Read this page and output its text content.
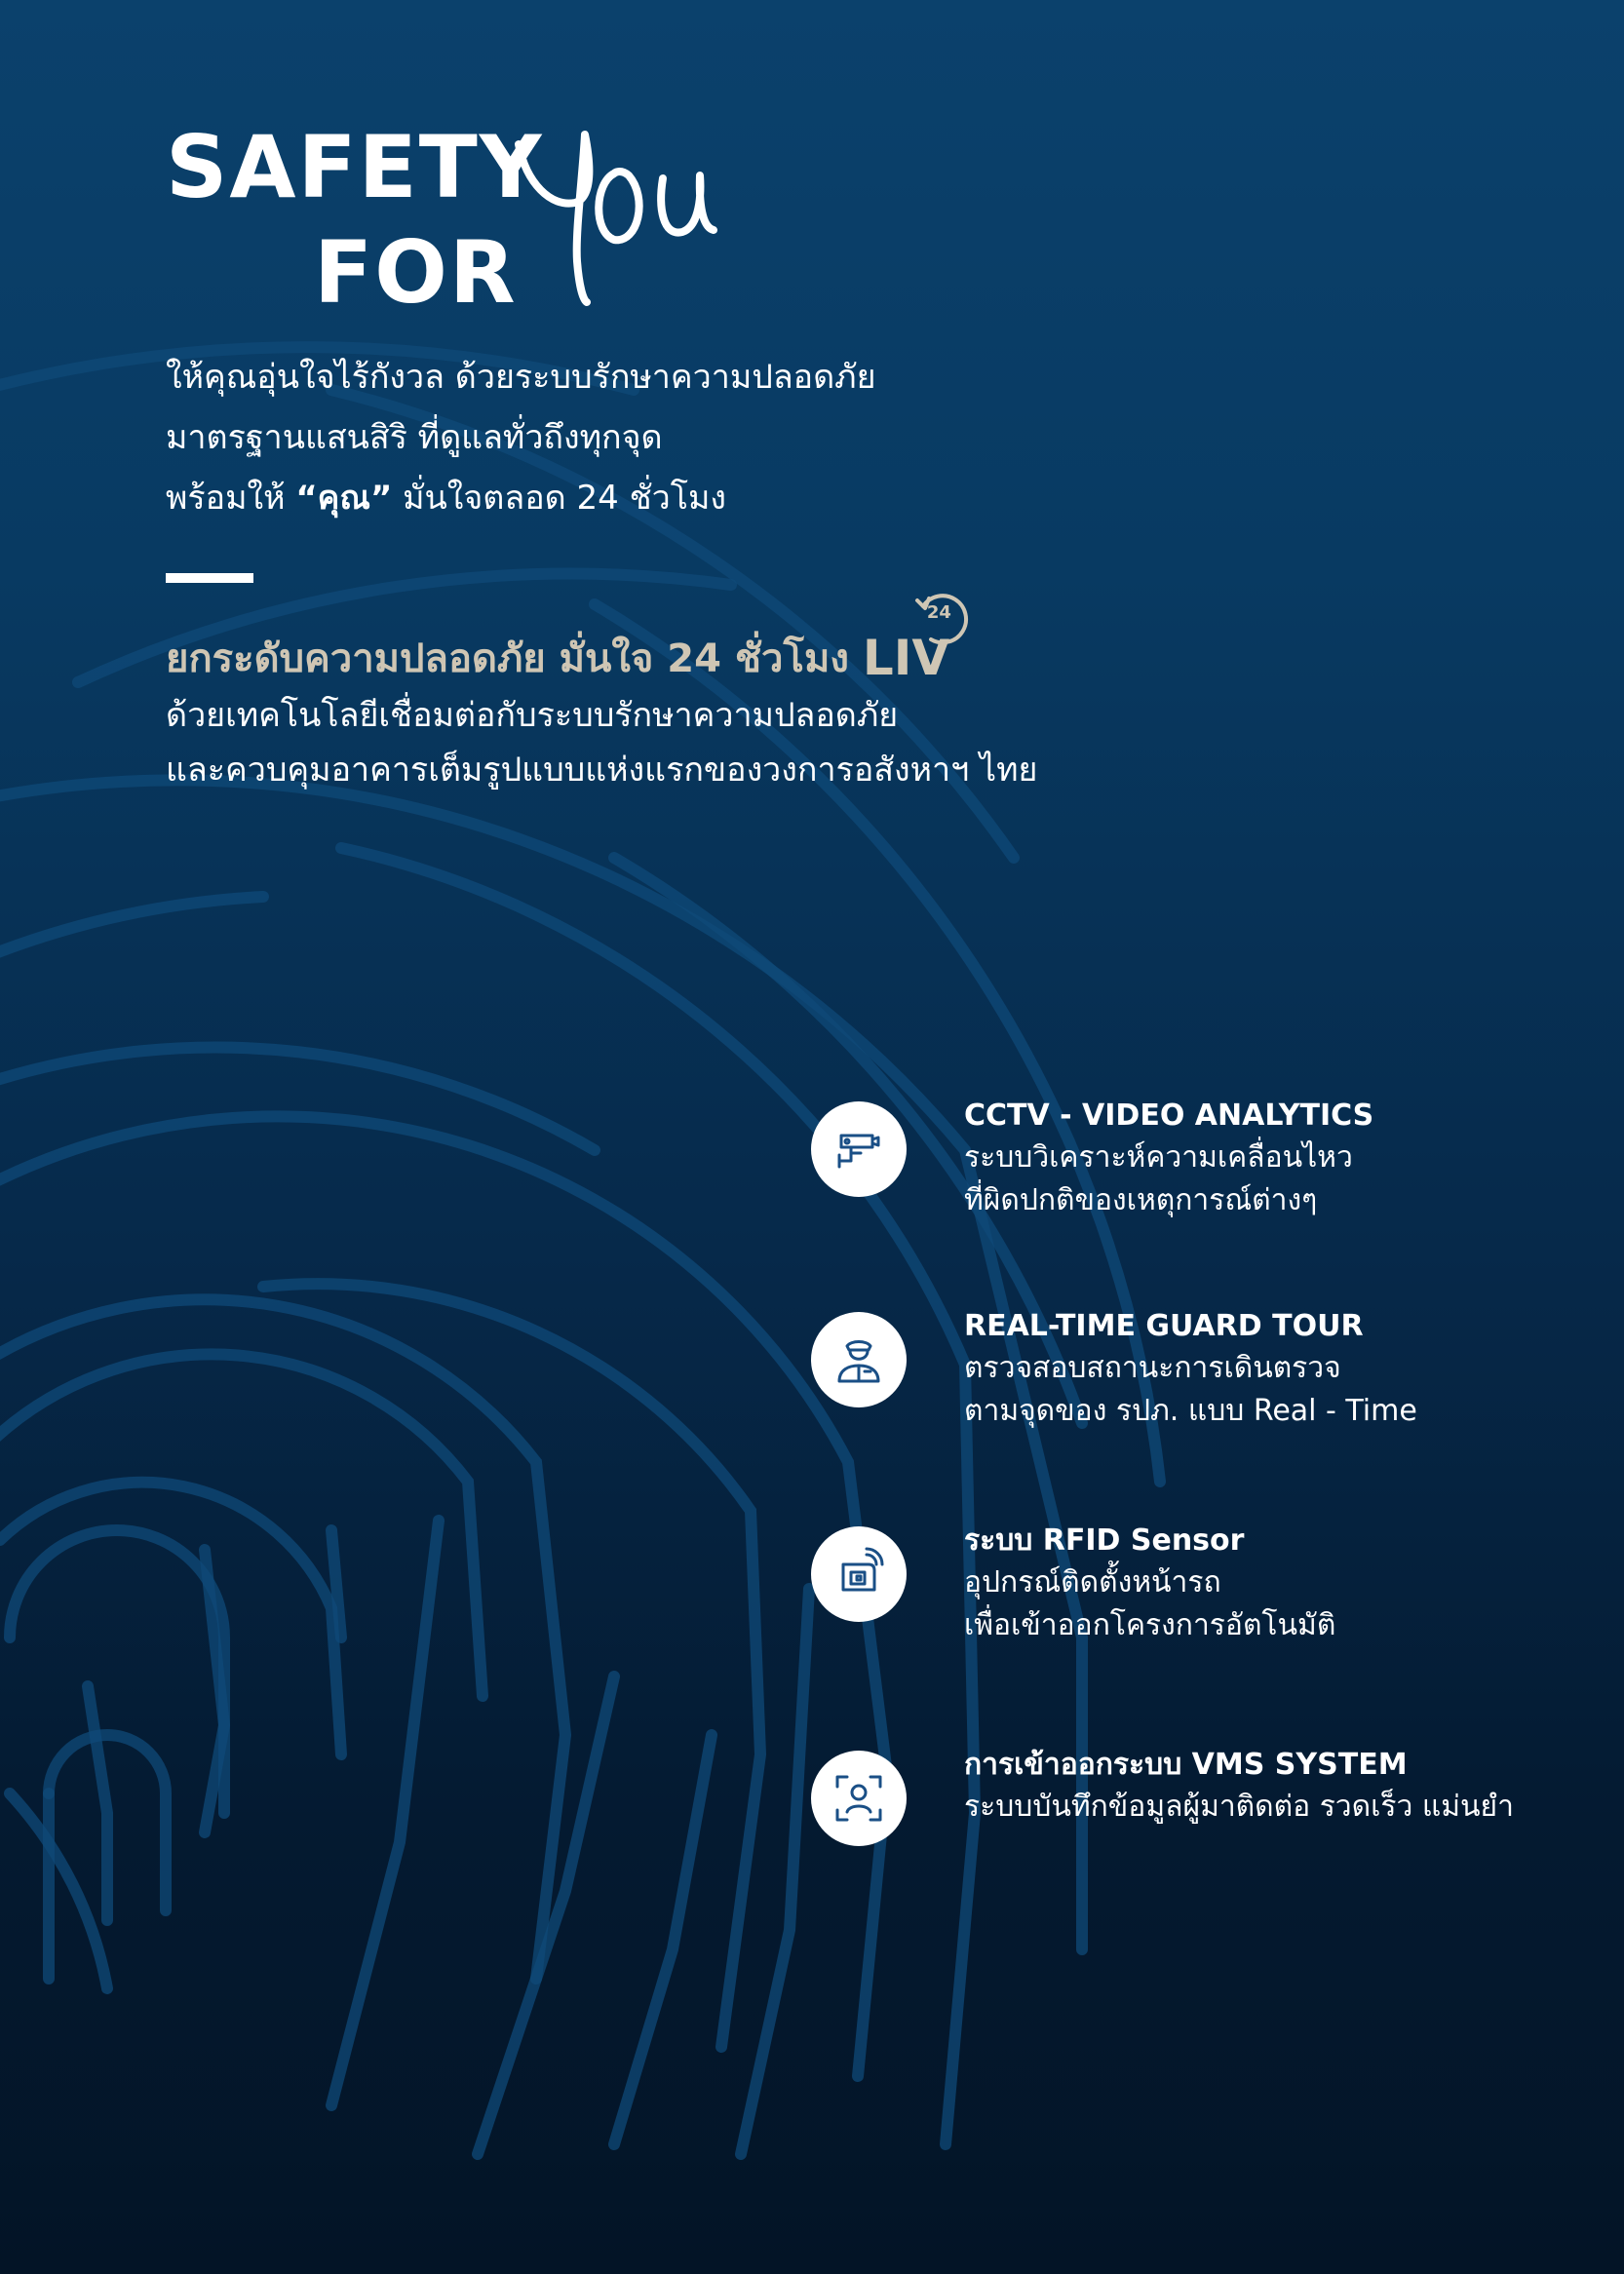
SAFETY
FOR
ให้คุณอุ่นใจไร้กังวล ด้วยระบบรักษาความปลอดภัย
มาตรฐานแสนสิริ ที่ดูแลทั่วถึงทุกจุด
พร้อมให้ “คุณ” มั่นใจตลอด 24 ชั่วโมง
ยกระดับความปลอดภัย มั่นใจ 24 ชั่วโมง LIV
24
ด้วยเทคโนโลยีเชื่อมต่อกับระบบรักษาความปลอดภัย
และควบคุมอาคารเต็มรูปแบบแห่งแรกของวงการอสังหาฯ ไทย
CCTV - VIDEO ANALYTICS
ระบบวิเคราะห์ความเคลื่อนไหว
ที่ผิดปกติของเหตุการณ์ต่างๆ
REAL-TIME GUARD TOUR
ตรวจสอบสถานะการเดินตรวจ
ตามจุดของ รปภ. แบบ Real - Time
ระบบ RFID Sensor
อุปกรณ์ติดตั้งหน้ารถ
เพื่อเข้าออกโครงการอัตโนมัติ
การเข้าออกระบบ VMS SYSTEM
ระบบบันทึกข้อมูลผู้มาติดต่อ รวดเร็ว แม่นยำ
